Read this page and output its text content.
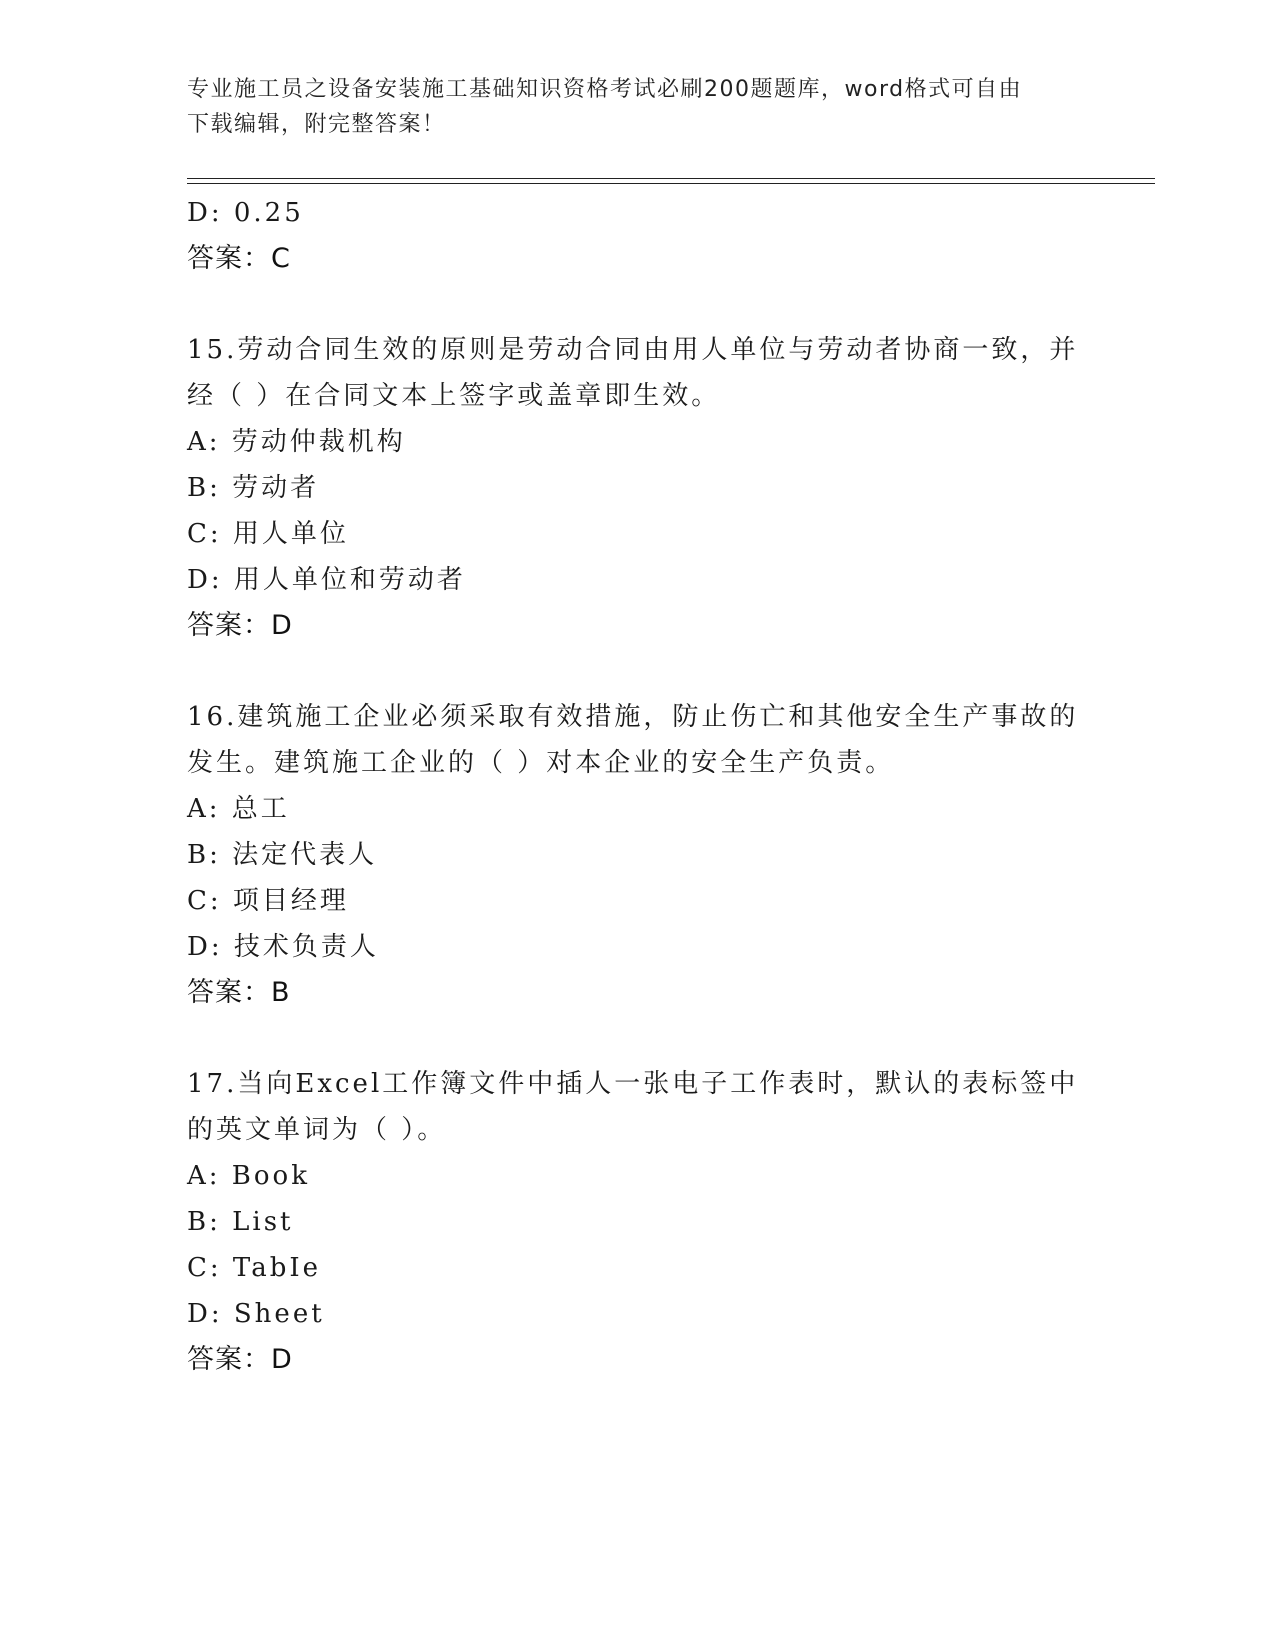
专业施工员之设备安装施工基础知识资格考试必刷200题题库，word格式可自由
下载编辑，附完整答案！
D: 0.25
答案：C
15.劳动合同生效的原则是劳动合同由用人单位与劳动者协商一致，并
经（ ）在合同文本上签字或盖章即生效。
A: 劳动仲裁机构
B: 劳动者
C: 用人单位
D: 用人单位和劳动者
答案：D
16.建筑施工企业必须采取有效措施，防止伤亡和其他安全生产事故的
发生。建筑施工企业的（ ）对本企业的安全生产负责。
A: 总工
B: 法定代表人
C: 项目经理
D: 技术负责人
答案：B
17.当向Excel工作簿文件中插人一张电子工作表时，默认的表标签中
的英文单词为（ ）。
A: Book
B: List
C: TabIe
D: Sheet
答案：D
